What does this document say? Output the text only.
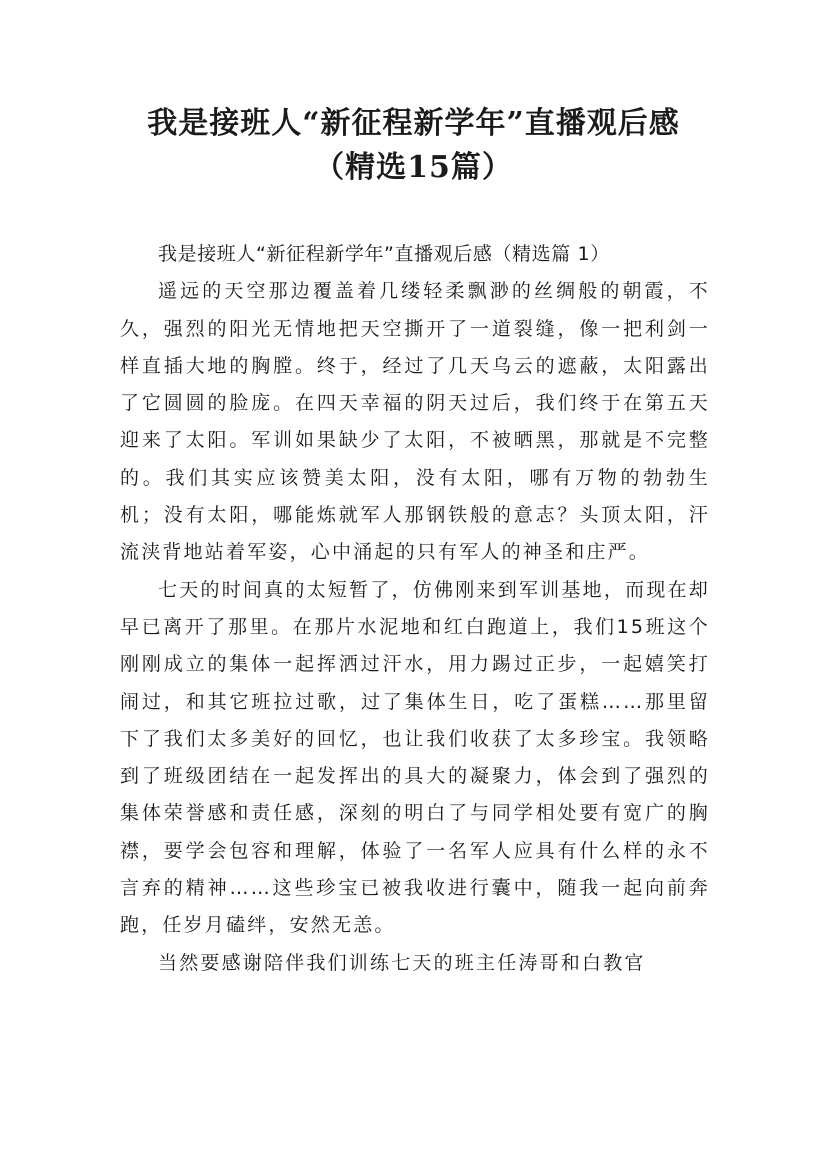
我是接班人“新征程新学年”直播观后感
（精选15篇）

我是接班人“新征程新学年”直播观后感（精选篇 1）

遥远的天空那边覆盖着几缕轻柔飘渺的丝绸般的朝霞，不久，强烈的阳光无情地把天空撕开了一道裂缝，像一把利剑一样直插大地的胸膛。终于，经过了几天乌云的遮蔽，太阳露出了它圆圆的脸庞。在四天幸福的阴天过后，我们终于在第五天迎来了太阳。军训如果缺少了太阳，不被晒黑，那就是不完整的。我们其实应该赞美太阳，没有太阳，哪有万物的勃勃生机；没有太阳，哪能炼就军人那钢铁般的意志？头顶太阳，汗流浃背地站着军姿，心中涌起的只有军人的神圣和庄严。

七天的时间真的太短暂了，仿佛刚来到军训基地，而现在却早已离开了那里。在那片水泥地和红白跑道上，我们15班这个刚刚成立的集体一起挥洒过汗水，用力踢过正步，一起嬉笑打闹过，和其它班拉过歌，过了集体生日，吃了蛋糕……那里留下了我们太多美好的回忆，也让我们收获了太多珍宝。我领略到了班级团结在一起发挥出的具大的凝聚力，体会到了强烈的集体荣誉感和责任感，深刻的明白了与同学相处要有宽广的胸襟，要学会包容和理解，体验了一名军人应具有什么样的永不言弃的精神……这些珍宝已被我收进行囊中，随我一起向前奔跑，任岁月磕绊，安然无恙。

当然要感谢陪伴我们训练七天的班主任涛哥和白教官
